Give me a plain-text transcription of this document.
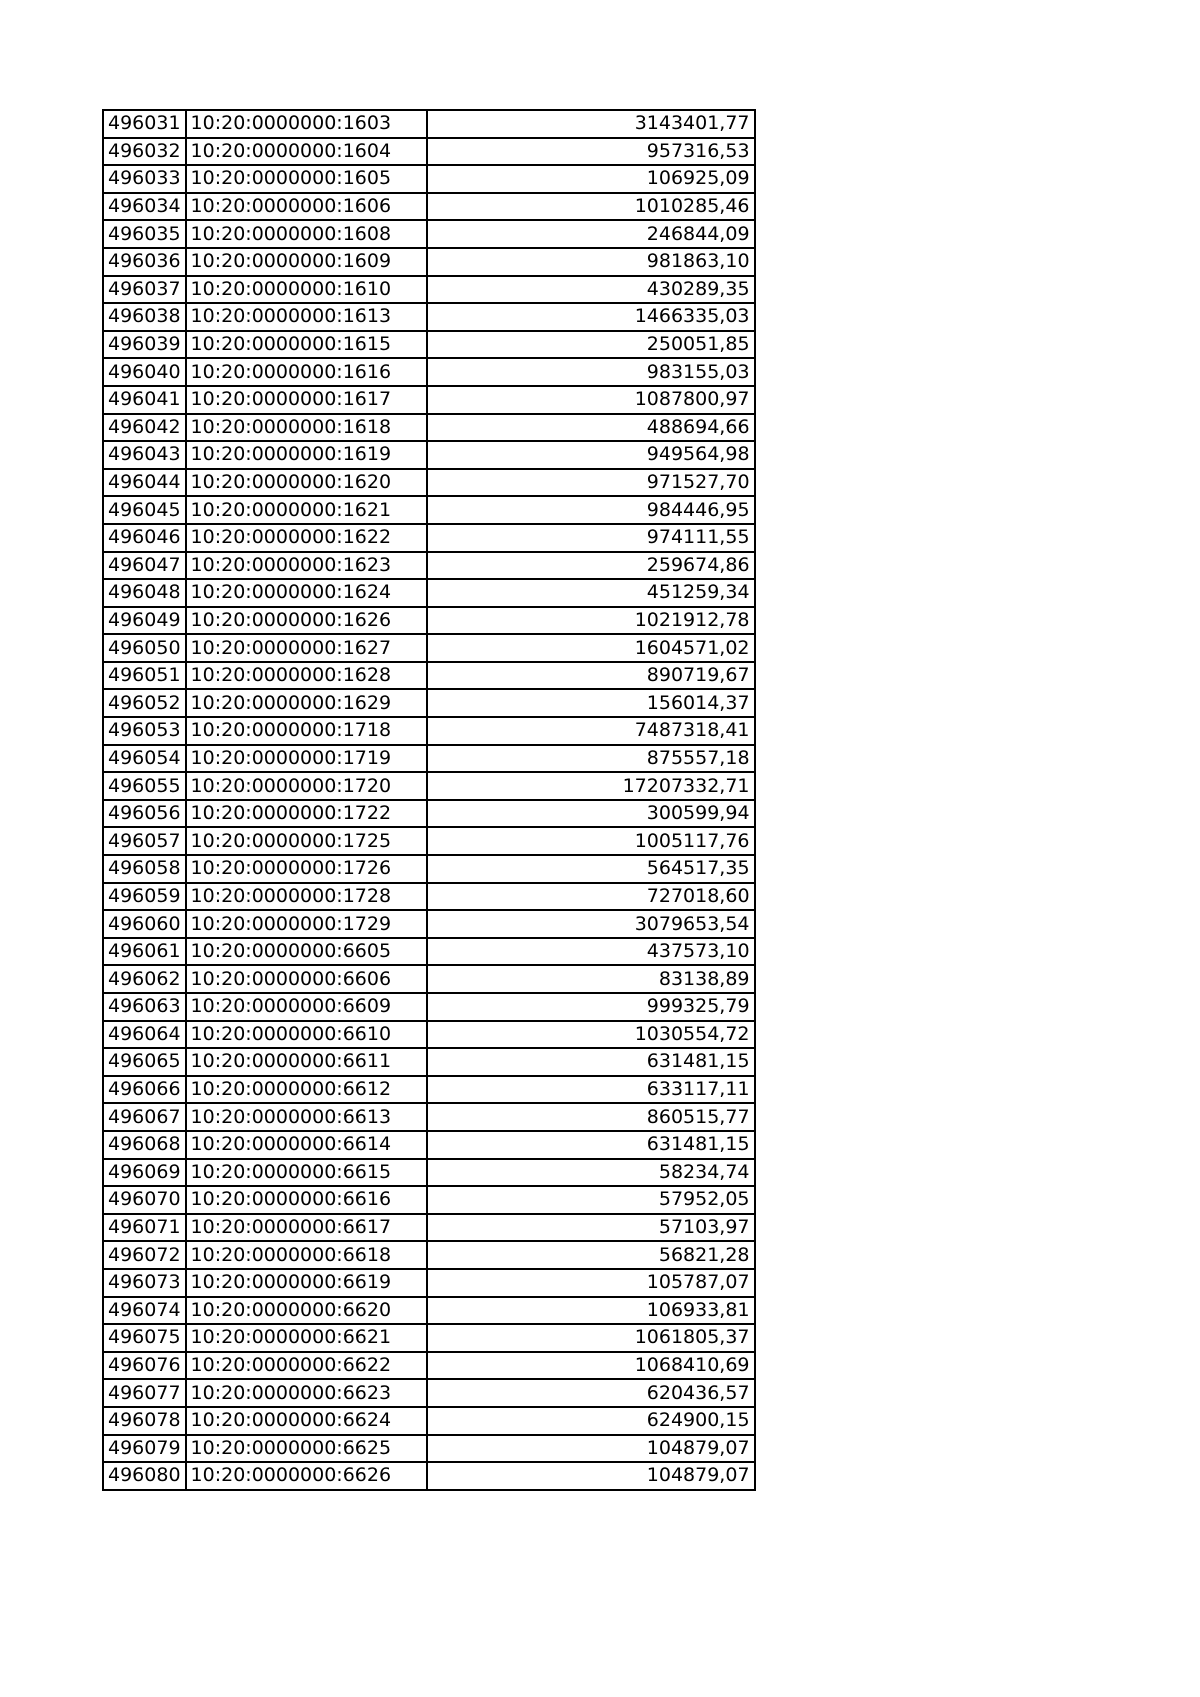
496031	10:20:0000000:1603	3143401,77
496032	10:20:0000000:1604	957316,53
496033	10:20:0000000:1605	106925,09
496034	10:20:0000000:1606	1010285,46
496035	10:20:0000000:1608	246844,09
496036	10:20:0000000:1609	981863,10
496037	10:20:0000000:1610	430289,35
496038	10:20:0000000:1613	1466335,03
496039	10:20:0000000:1615	250051,85
496040	10:20:0000000:1616	983155,03
496041	10:20:0000000:1617	1087800,97
496042	10:20:0000000:1618	488694,66
496043	10:20:0000000:1619	949564,98
496044	10:20:0000000:1620	971527,70
496045	10:20:0000000:1621	984446,95
496046	10:20:0000000:1622	974111,55
496047	10:20:0000000:1623	259674,86
496048	10:20:0000000:1624	451259,34
496049	10:20:0000000:1626	1021912,78
496050	10:20:0000000:1627	1604571,02
496051	10:20:0000000:1628	890719,67
496052	10:20:0000000:1629	156014,37
496053	10:20:0000000:1718	7487318,41
496054	10:20:0000000:1719	875557,18
496055	10:20:0000000:1720	17207332,71
496056	10:20:0000000:1722	300599,94
496057	10:20:0000000:1725	1005117,76
496058	10:20:0000000:1726	564517,35
496059	10:20:0000000:1728	727018,60
496060	10:20:0000000:1729	3079653,54
496061	10:20:0000000:6605	437573,10
496062	10:20:0000000:6606	83138,89
496063	10:20:0000000:6609	999325,79
496064	10:20:0000000:6610	1030554,72
496065	10:20:0000000:6611	631481,15
496066	10:20:0000000:6612	633117,11
496067	10:20:0000000:6613	860515,77
496068	10:20:0000000:6614	631481,15
496069	10:20:0000000:6615	58234,74
496070	10:20:0000000:6616	57952,05
496071	10:20:0000000:6617	57103,97
496072	10:20:0000000:6618	56821,28
496073	10:20:0000000:6619	105787,07
496074	10:20:0000000:6620	106933,81
496075	10:20:0000000:6621	1061805,37
496076	10:20:0000000:6622	1068410,69
496077	10:20:0000000:6623	620436,57
496078	10:20:0000000:6624	624900,15
496079	10:20:0000000:6625	104879,07
496080	10:20:0000000:6626	104879,07
